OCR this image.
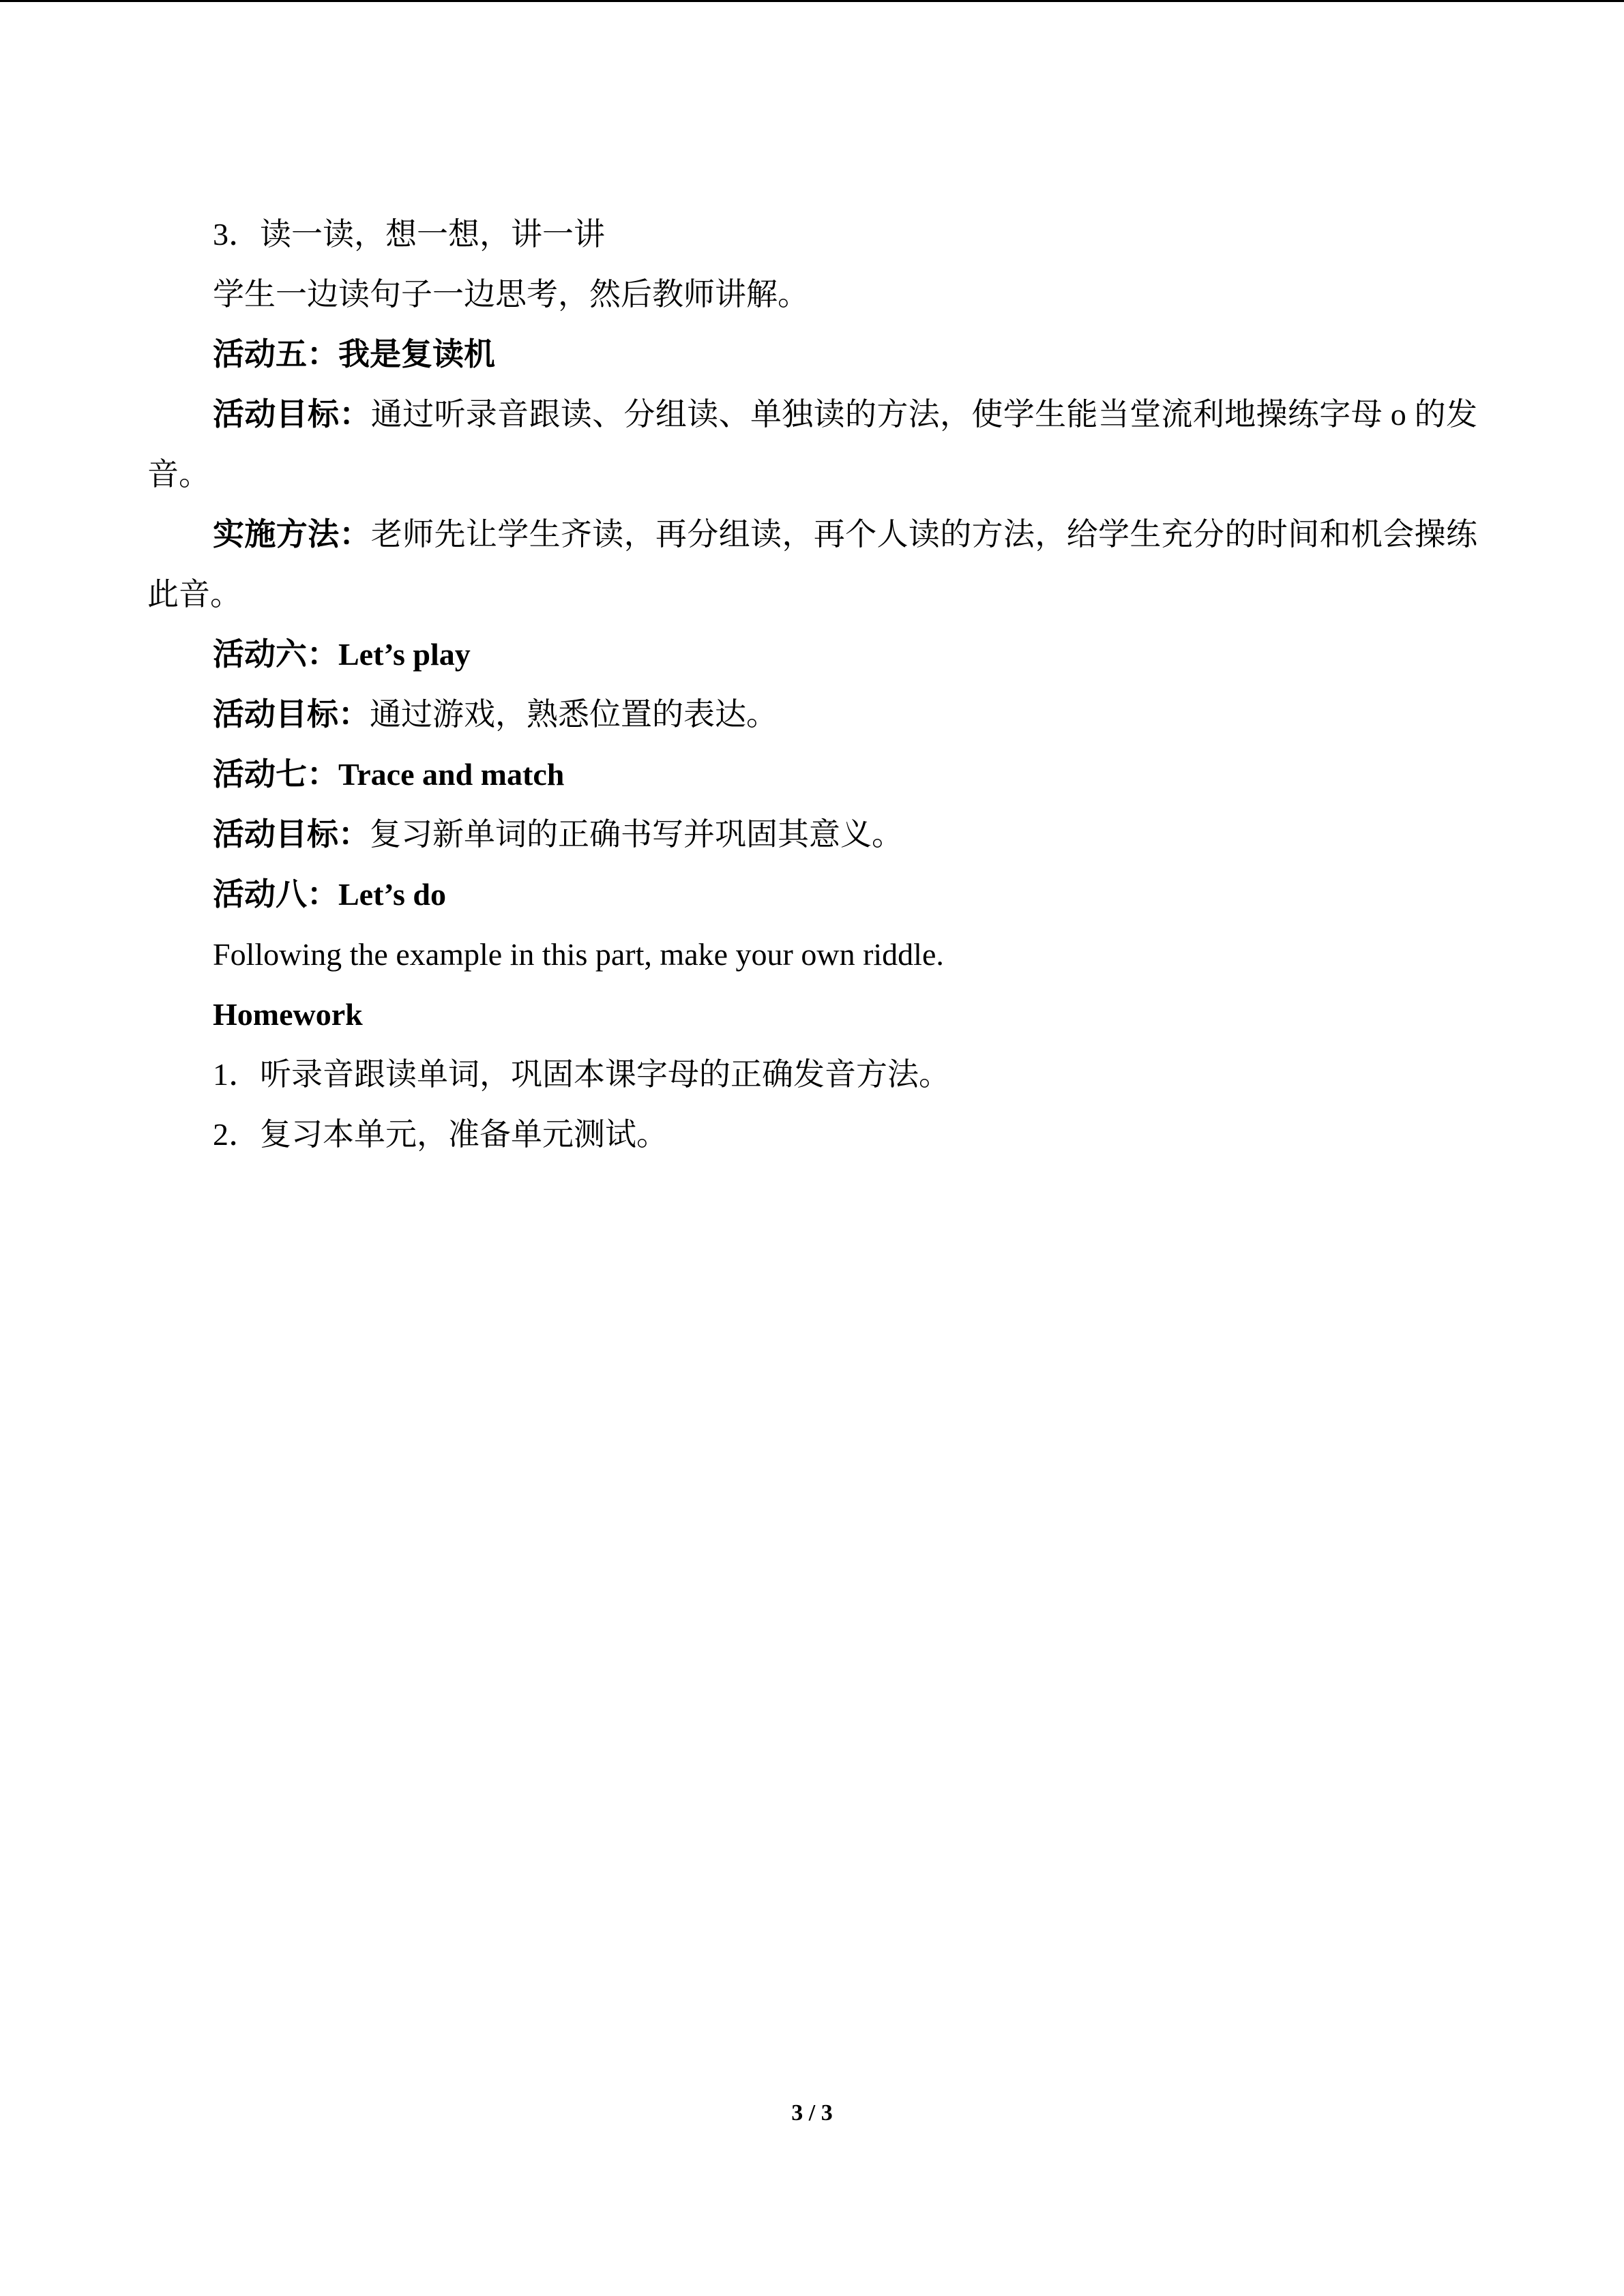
3．读一读，想一想，讲一讲

学生一边读句子一边思考，然后教师讲解。

活动五：我是复读机

活动目标：通过听录音跟读、分组读、单独读的方法，使学生能当堂流利地操练字母 o 的发音。

实施方法：老师先让学生齐读，再分组读，再个人读的方法，给学生充分的时间和机会操练此音。

活动六：Let’s play

活动目标：通过游戏，熟悉位置的表达。

活动七：Trace and match

活动目标：复习新单词的正确书写并巩固其意义。

活动八：Let’s do

Following the example in this part, make your own riddle.

Homework

1．听录音跟读单词，巩固本课字母的正确发音方法。

2．复习本单元，准备单元测试。

3 / 3
